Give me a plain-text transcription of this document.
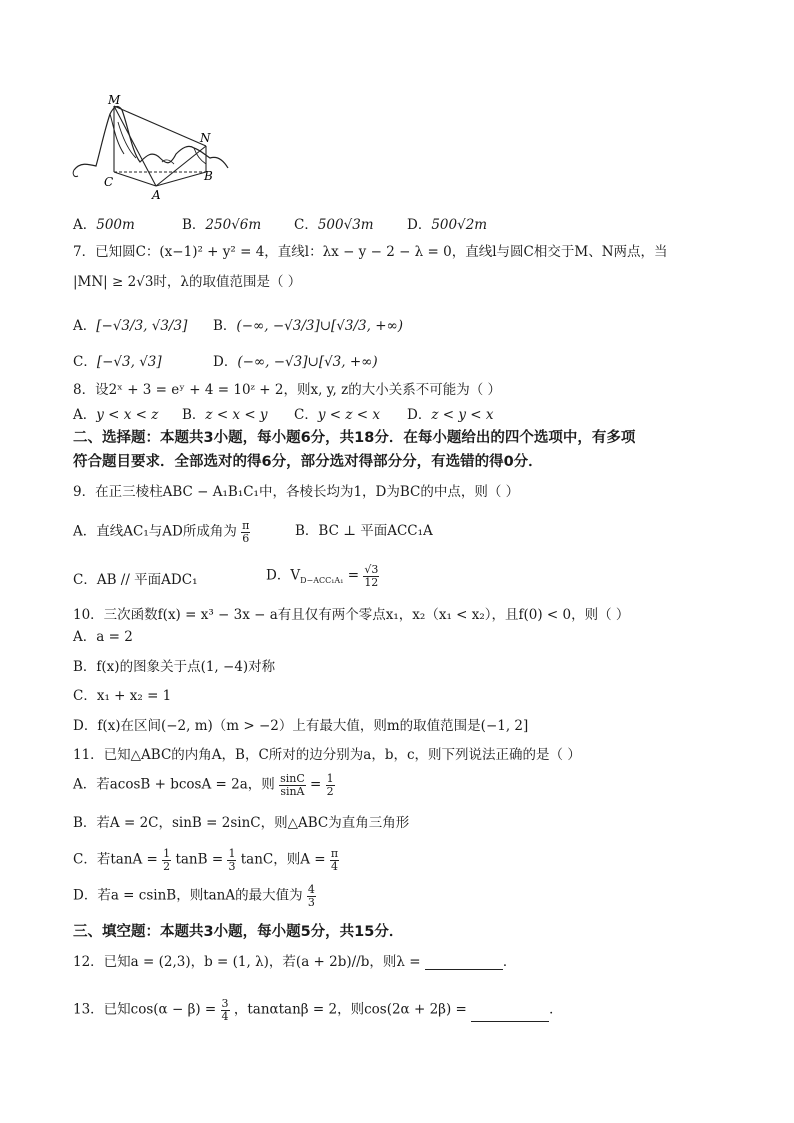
M
N
C
A
B
A．500m	B．250√6m C．500√3m D．500√2m
7．已知圆C：(x−1)² + y² = 4，直线l：λx − y − 2 − λ = 0，直线l与圆C相交于M、N两点，当
|MN| ≥ 2√3时，λ的取值范围是（ ）
A．[−√3/3, √3/3] B．(−∞, −√3/3]∪[√3/3, +∞)
C．[−√3, √3]	D．(−∞, −√3]∪[√3, +∞)
8．设2ˣ + 3 = eʸ + 4 = 10ᶻ + 2，则x, y, z的大小关系不可能为（ ）
A．y < x < z B．z < x < y C．y < z < x D．z < y < x
二、选择题：本题共3小题，每小题6分，共18分．在每小题给出的四个选项中，有多项
符合题目要求．全部选对的得6分，部分选对得部分分，有选错的得0分．
9．在正三棱柱ABC − A₁B₁C₁中，各棱长均为1，D为BC的中点，则（ ）
A．直线AC₁与AD所成角为 $\frac{\pi}{6}$	B．BC ⊥ 平面ACC₁A
C．AB // 平面ADC₁	D．$V_{D-ACC_1A_1} = \frac{√3}{12}$
10．三次函数f(x) = x³ − 3x − a有且仅有两个零点x₁，x₂（x₁ < x₂），且f(0) < 0，则（ ）
A．a = 2
B．f(x)的图象关于点(1, −4)对称
C．x₁ + x₂ = 1
D．f(x)在区间(−2, m)（m > −2）上有最大值，则m的取值范围是(−1, 2]
11．已知△ABC的内角A，B，C所对的边分别为a，b，c，则下列说法正确的是（ ）
A．若acosB + bcosA = 2a，则 $\frac{\sin C}{\sin A} = \frac{1}{2}$
B．若A = 2C，sinB = 2sinC，则△ABC为直角三角形
C．若$\tan A = \frac{1}{2}$ $\tan B = \frac{1}{3}$ tanC，则$A = \frac{\pi}{4}$
D．若a = csinB，则tanA的最大值为 $\frac{4}{3}$
三、填空题：本题共3小题，每小题5分，共15分．
12．已知a = (2,3)，b = (1, λ)，若(a + 2b)//b，则λ =	．
13．已知$\cos(\alpha - \beta) = \frac{3}{4}$ ，tanαtanβ = 2，则cos(2α + 2β) =	．
